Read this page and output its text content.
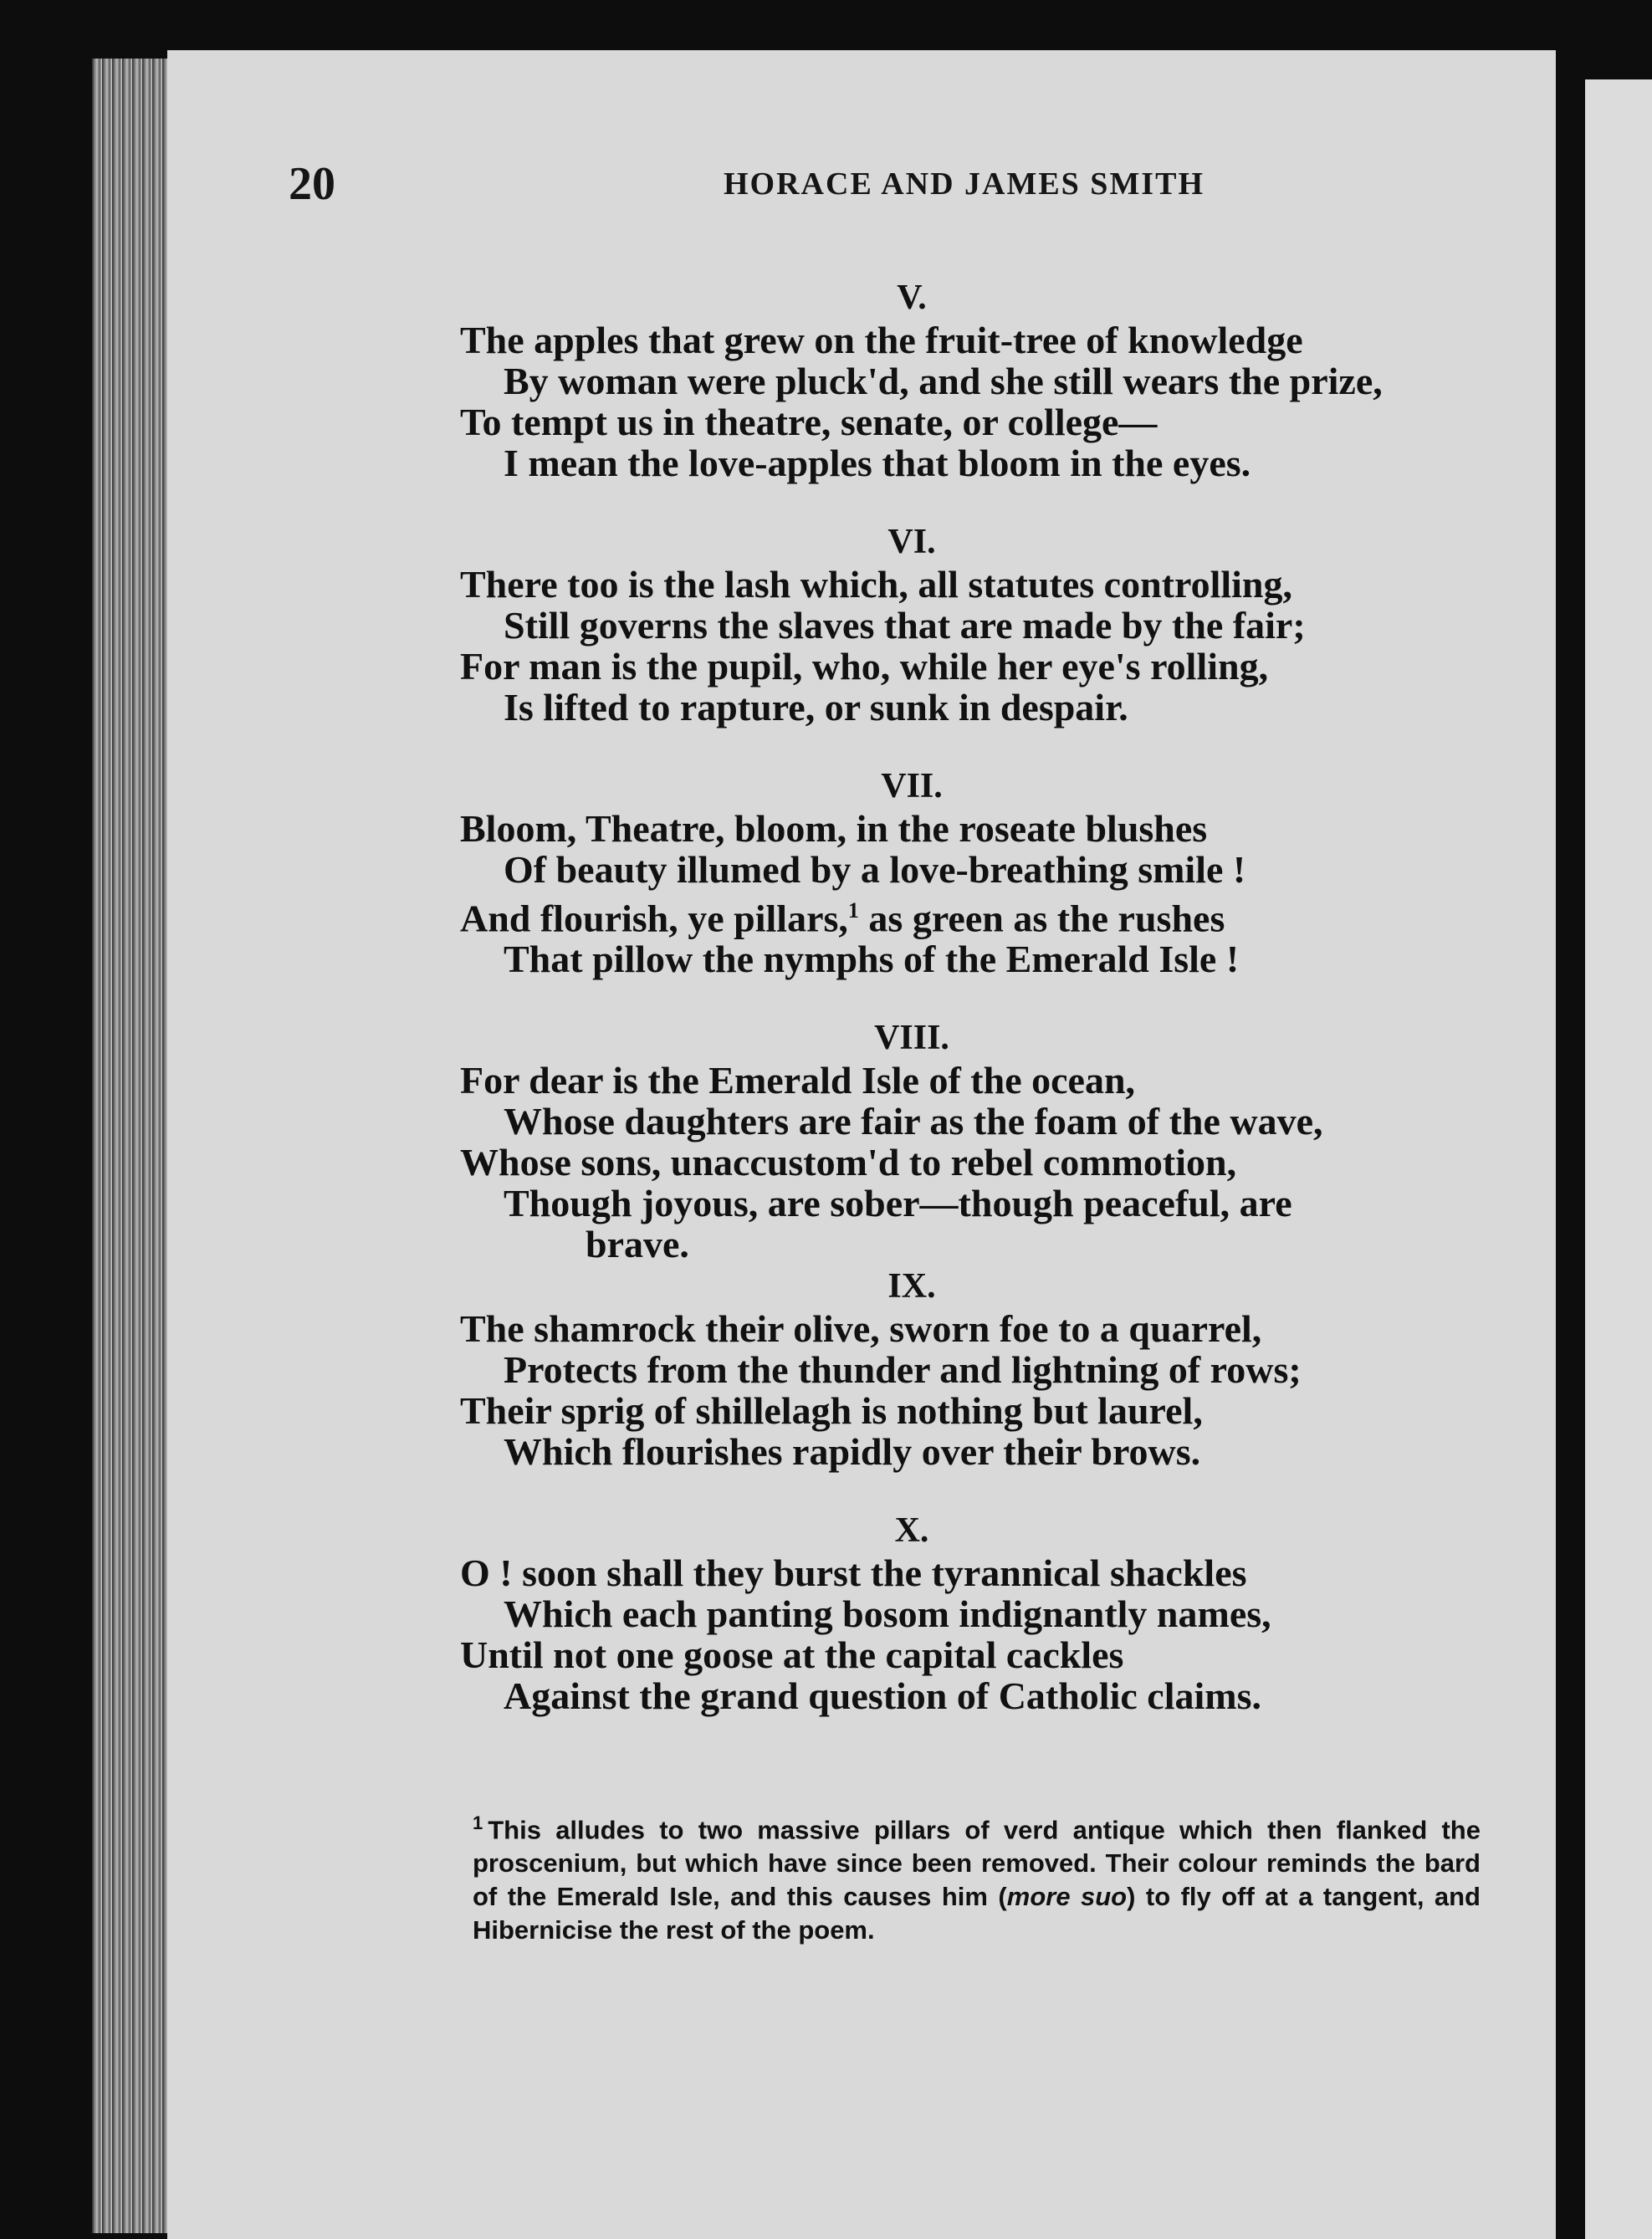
20	HORACE AND JAMES SMITH
V.
The apples that grew on the fruit-tree of knowledge
By woman were pluck'd, and she still wears the prize,
To tempt us in theatre, senate, or college—
I mean the love-apples that bloom in the eyes.
VI.
There too is the lash which, all statutes controlling,
Still governs the slaves that are made by the fair;
For man is the pupil, who, while her eye's rolling,
Is lifted to rapture, or sunk in despair.
VII.
Bloom, Theatre, bloom, in the roseate blushes
Of beauty illumed by a love-breathing smile !
And flourish, ye pillars,$^1$ as green as the rushes
That pillow the nymphs of the Emerald Isle !
VIII.
For dear is the Emerald Isle of the ocean,
Whose daughters are fair as the foam of the wave,
Whose sons, unaccustom'd to rebel commotion,
Though joyous, are sober—though peaceful, are
brave.
IX.
The shamrock their olive, sworn foe to a quarrel,
Protects from the thunder and lightning of rows;
Their sprig of shillelagh is nothing but laurel,
Which flourishes rapidly over their brows.
X.
O ! soon shall they burst the tyrannical shackles
Which each panting bosom indignantly names,
Until not one goose at the capital cackles
Against the grand question of Catholic claims.
$^1$ This alludes to two massive pillars of verd antique which then flanked the proscenium, but which have since been removed. Their colour reminds the bard of the Emerald Isle, and this causes him (more suo) to fly off at a tangent, and Hibernicise the rest of the poem.
